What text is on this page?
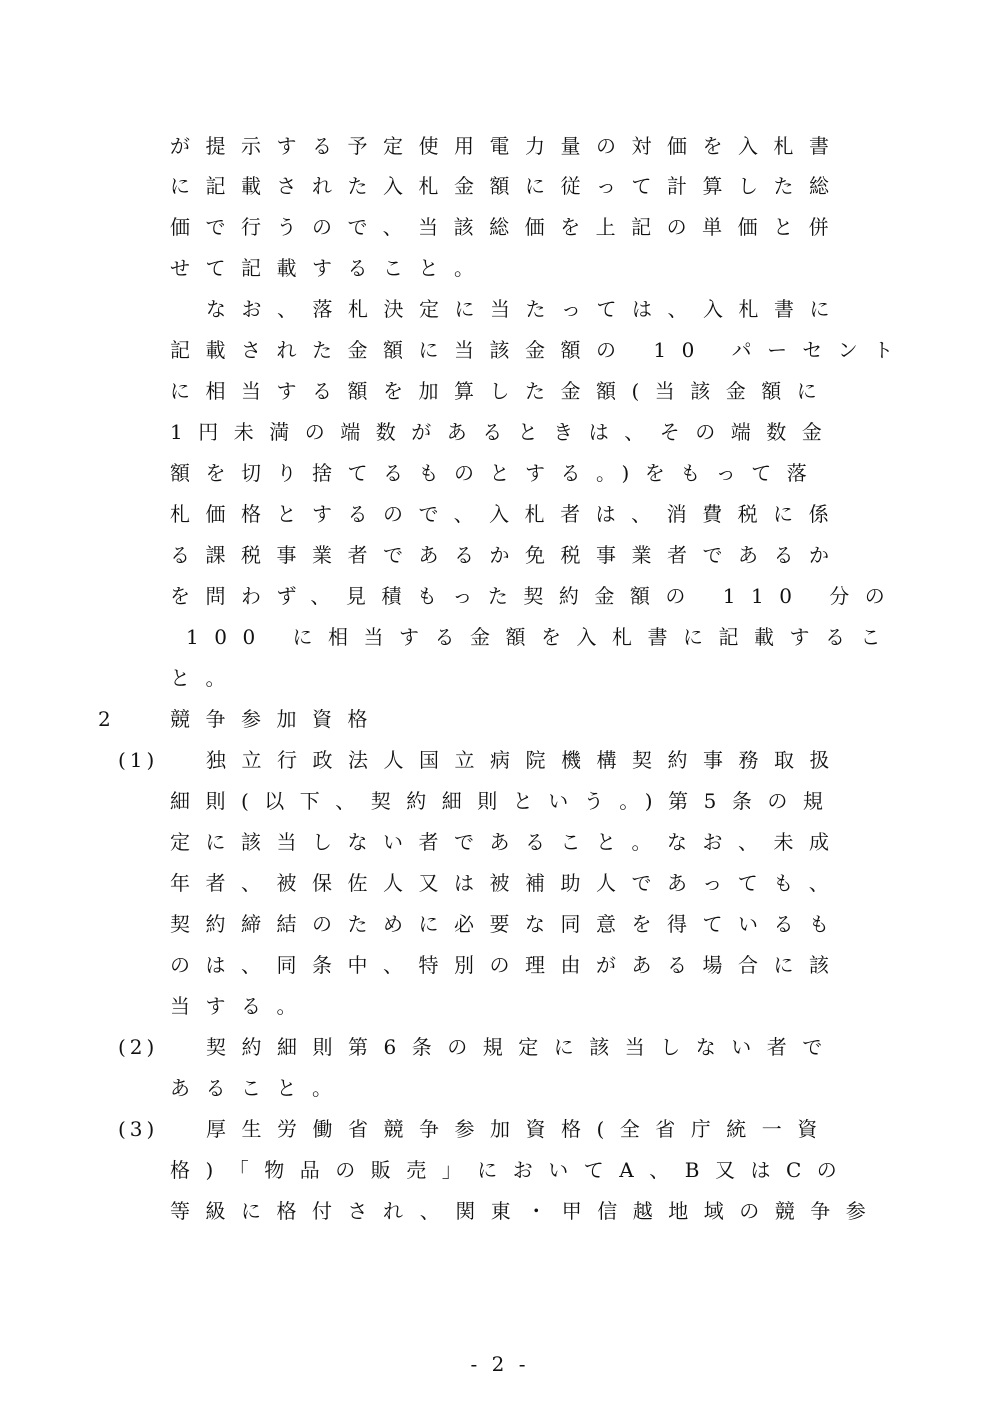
が提示する予定使用電力量の対価を入札書
に記載された入札金額に従って計算した総
価で行うので、当該総価を上記の単価と併
せて記載すること。
なお、落札決定に当たっては、入札書に
記載された金額に当該金額の 10 パーセント
に相当する額を加算した金額(当該金額に
1円未満の端数があるときは、その端数金
額を切り捨てるものとする。)をもって落
札価格とするので、入札者は、消費税に係
る課税事業者であるか免税事業者であるか
を問わず、見積もった契約金額の 110 分の
100 に相当する金額を入札書に記載するこ
と。
2	競争参加資格
(1) 独立行政法人国立病院機構契約事務取扱
細則(以下、契約細則という。)第5条の規
定に該当しない者であること。なお、未成
年者、被保佐人又は被補助人であっても、
契約締結のために必要な同意を得ているも
のは、同条中、特別の理由がある場合に該
当する。
(2) 契約細則第6条の規定に該当しない者で
あること。
(3) 厚生労働省競争参加資格(全省庁統一資
格)「物品の販売」においてA、B又はCの
等級に格付され、関東・甲信越地域の競争参
- 2 -
